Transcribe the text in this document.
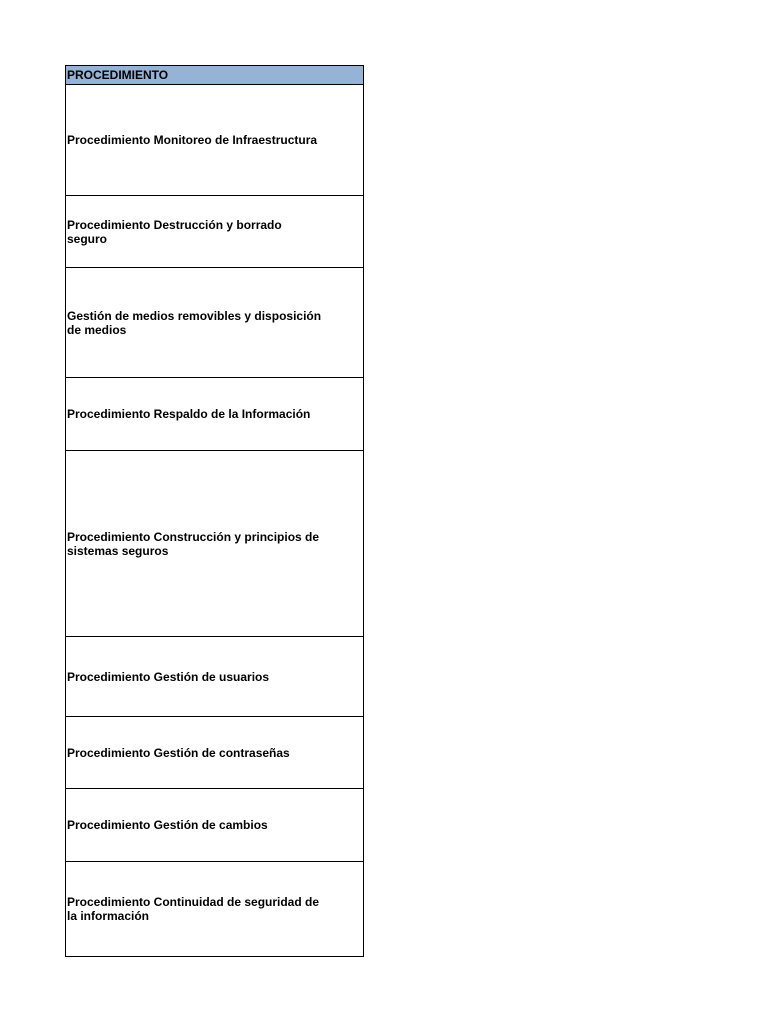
PROCEDIMIENTO
Procedimiento Monitoreo de Infraestructura
Procedimiento Destrucción y borrado seguro
Gestión de medios removibles y disposición de medios
Procedimiento Respaldo de la Información
Procedimiento Construcción y principios de sistemas seguros
Procedimiento Gestión de usuarios
Procedimiento Gestión de contraseñas
Procedimiento Gestión de cambios
Procedimiento Continuidad de seguridad de la información
